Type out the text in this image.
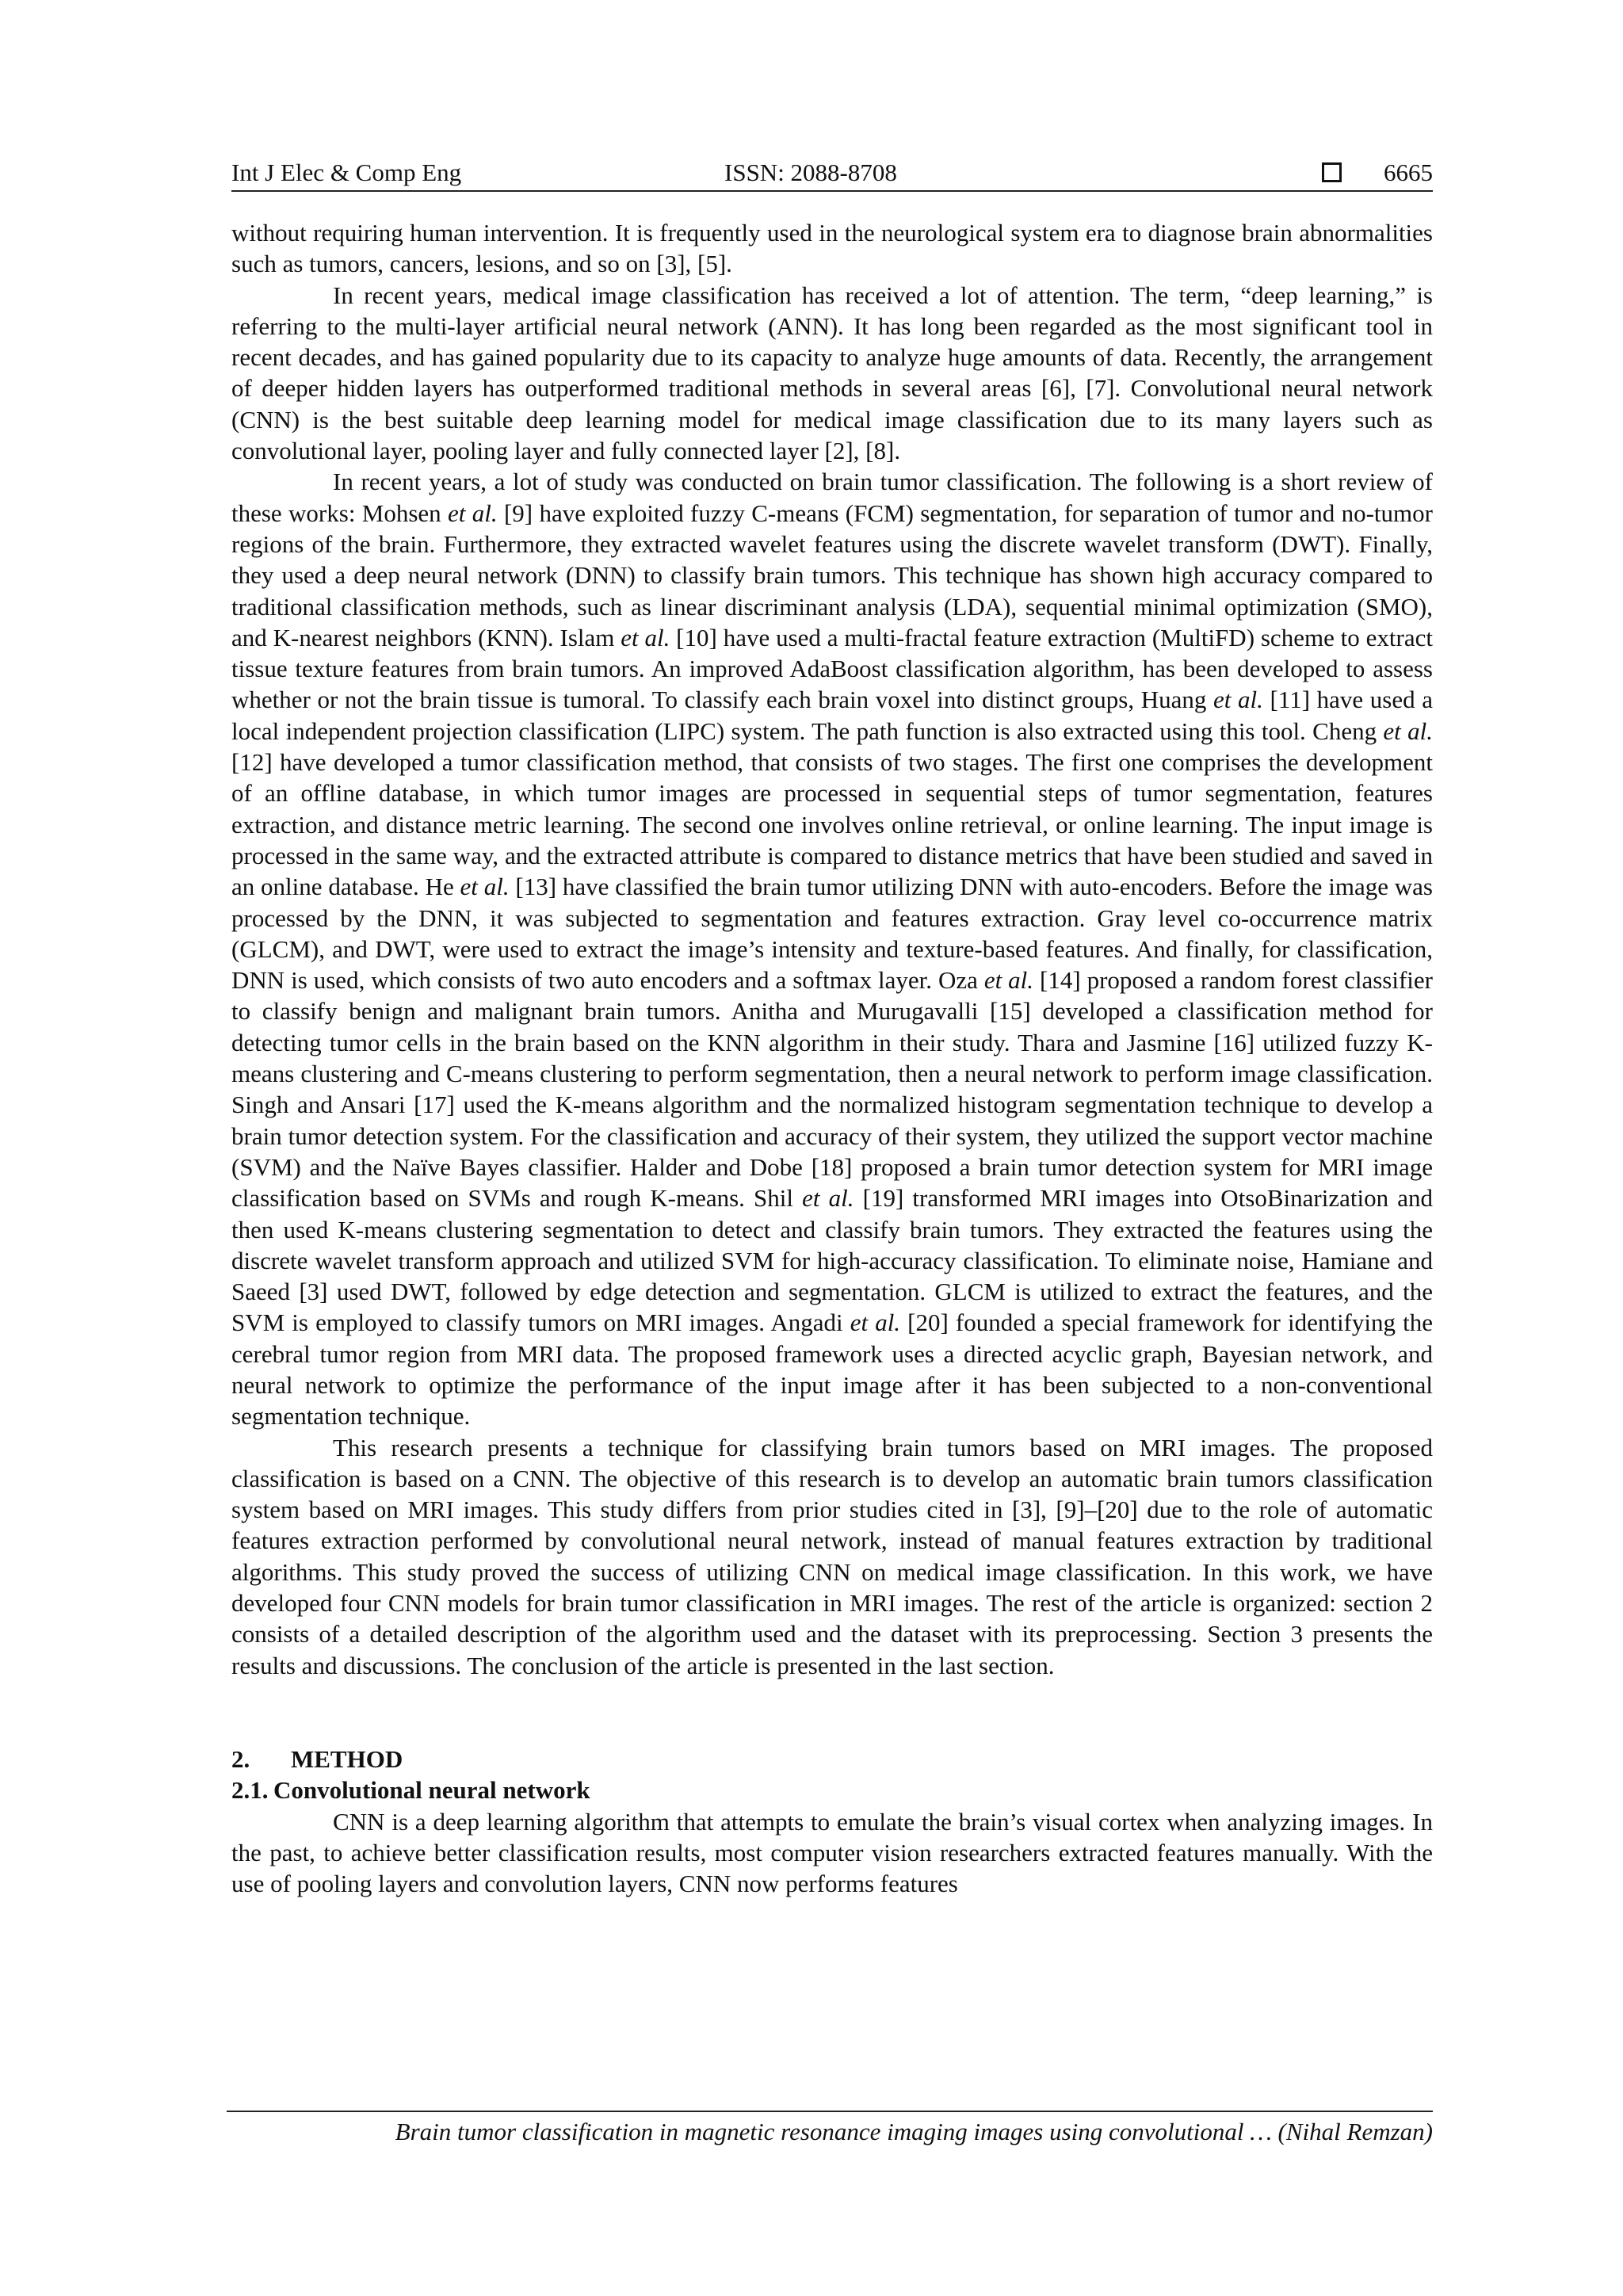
Int J Elec & Comp Eng	ISSN: 2088-8708	6665

without requiring human intervention. It is frequently used in the neurological system era to diagnose brain abnormalities such as tumors, cancers, lesions, and so on [3], [5].

In recent years, medical image classification has received a lot of attention. The term, “deep learning,” is referring to the multi-layer artificial neural network (ANN). It has long been regarded as the most significant tool in recent decades, and has gained popularity due to its capacity to analyze huge amounts of data. Recently, the arrangement of deeper hidden layers has outperformed traditional methods in several areas [6], [7]. Convolutional neural network (CNN) is the best suitable deep learning model for medical image classification due to its many layers such as convolutional layer, pooling layer and fully connected layer [2], [8].

In recent years, a lot of study was conducted on brain tumor classification. The following is a short review of these works: Mohsen et al. [9] have exploited fuzzy C-means (FCM) segmentation, for separation of tumor and no-tumor regions of the brain. Furthermore, they extracted wavelet features using the discrete wavelet transform (DWT). Finally, they used a deep neural network (DNN) to classify brain tumors. This technique has shown high accuracy compared to traditional classification methods, such as linear discriminant analysis (LDA), sequential minimal optimization (SMO), and K-nearest neighbors (KNN). Islam et al. [10] have used a multi-fractal feature extraction (MultiFD) scheme to extract tissue texture features from brain tumors. An improved AdaBoost classification algorithm, has been developed to assess whether or not the brain tissue is tumoral. To classify each brain voxel into distinct groups, Huang et al. [11] have used a local independent projection classification (LIPC) system. The path function is also extracted using this tool. Cheng et al. [12] have developed a tumor classification method, that consists of two stages. The first one comprises the development of an offline database, in which tumor images are processed in sequential steps of tumor segmentation, features extraction, and distance metric learning. The second one involves online retrieval, or online learning. The input image is processed in the same way, and the extracted attribute is compared to distance metrics that have been studied and saved in an online database. He et al. [13] have classified the brain tumor utilizing DNN with auto-encoders. Before the image was processed by the DNN, it was subjected to segmentation and features extraction. Gray level co-occurrence matrix (GLCM), and DWT, were used to extract the image’s intensity and texture-based features. And finally, for classification, DNN is used, which consists of two auto encoders and a softmax layer. Oza et al. [14] proposed a random forest classifier to classify benign and malignant brain tumors. Anitha and Murugavalli [15] developed a classification method for detecting tumor cells in the brain based on the KNN algorithm in their study. Thara and Jasmine [16] utilized fuzzy K-means clustering and C-means clustering to perform segmentation, then a neural network to perform image classification. Singh and Ansari [17] used the K-means algorithm and the normalized histogram segmentation technique to develop a brain tumor detection system. For the classification and accuracy of their system, they utilized the support vector machine (SVM) and the Naïve Bayes classifier. Halder and Dobe [18] proposed a brain tumor detection system for MRI image classification based on SVMs and rough K-means. Shil et al. [19] transformed MRI images into OtsoBinarization and then used K-means clustering segmentation to detect and classify brain tumors. They extracted the features using the discrete wavelet transform approach and utilized SVM for high-accuracy classification. To eliminate noise, Hamiane and Saeed [3] used DWT, followed by edge detection and segmentation. GLCM is utilized to extract the features, and the SVM is employed to classify tumors on MRI images. Angadi et al. [20] founded a special framework for identifying the cerebral tumor region from MRI data. The proposed framework uses a directed acyclic graph, Bayesian network, and neural network to optimize the performance of the input image after it has been subjected to a non-conventional segmentation technique.

This research presents a technique for classifying brain tumors based on MRI images. The proposed classification is based on a CNN. The objective of this research is to develop an automatic brain tumors classification system based on MRI images. This study differs from prior studies cited in [3], [9]–[20] due to the role of automatic features extraction performed by convolutional neural network, instead of manual features extraction by traditional algorithms. This study proved the success of utilizing CNN on medical image classification. In this work, we have developed four CNN models for brain tumor classification in MRI images. The rest of the article is organized: section 2 consists of a detailed description of the algorithm used and the dataset with its preprocessing. Section 3 presents the results and discussions. The conclusion of the article is presented in the last section.

2. METHOD

2.1. Convolutional neural network

CNN is a deep learning algorithm that attempts to emulate the brain’s visual cortex when analyzing images. In the past, to achieve better classification results, most computer vision researchers extracted features manually. With the use of pooling layers and convolution layers, CNN now performs features

Brain tumor classification in magnetic resonance imaging images using convolutional … (Nihal Remzan)
